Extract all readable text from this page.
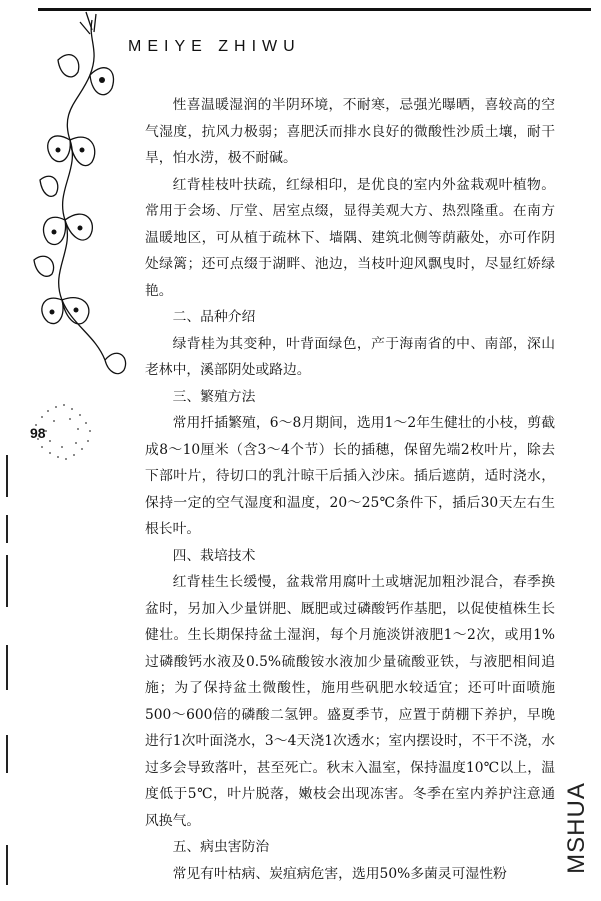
MEIYE ZHIWU
98
MSHUA

性喜温暖湿润的半阴环境，不耐寒，忌强光曝晒，喜较高的空气湿度，抗风力极弱；喜肥沃而排水良好的微酸性沙质土壤，耐干旱，怕水涝，极不耐碱。

红背桂枝叶扶疏，红绿相印，是优良的室内外盆栽观叶植物。常用于会场、厅堂、居室点缀，显得美观大方、热烈隆重。在南方温暖地区，可从植于疏林下、墙隅、建筑北侧等荫蔽处，亦可作阴处绿篱；还可点缀于湖畔、池边，当枝叶迎风飘曳时，尽显红娇绿艳。

二、品种介绍

绿背桂为其变种，叶背面绿色，产于海南省的中、南部，深山老林中，溪部阴处或路边。

三、繁殖方法

常用扦插繁殖，6～8月期间，选用1～2年生健壮的小枝，剪截成8～10厘米（含3～4个节）长的插穗，保留先端2枚叶片，除去下部叶片，待切口的乳汁晾干后插入沙床。插后遮荫，适时浇水，保持一定的空气湿度和温度，20～25℃条件下，插后30天左右生根长叶。

四、栽培技术

红背桂生长缓慢，盆栽常用腐叶土或塘泥加粗沙混合，春季换盆时，另加入少量饼肥、厩肥或过磷酸钙作基肥，以促使植株生长健壮。生长期保持盆土湿润，每个月施淡饼液肥1～2次，或用1%过磷酸钙水液及0.5%硫酸铵水液加少量硫酸亚铁，与液肥相间追施；为了保持盆土微酸性，施用些矾肥水较适宜；还可叶面喷施500～600倍的磷酸二氢钾。盛夏季节，应置于荫棚下养护，早晚进行1次叶面浇水，3～4天浇1次透水；室内摆设时，不干不浇，水过多会导致落叶，甚至死亡。秋末入温室，保持温度10℃以上，温度低于5℃，叶片脱落，嫩枝会出现冻害。冬季在室内养护注意通风换气。

五、病虫害防治

常见有叶枯病、炭疽病危害，选用50%多菌灵可湿性粉
